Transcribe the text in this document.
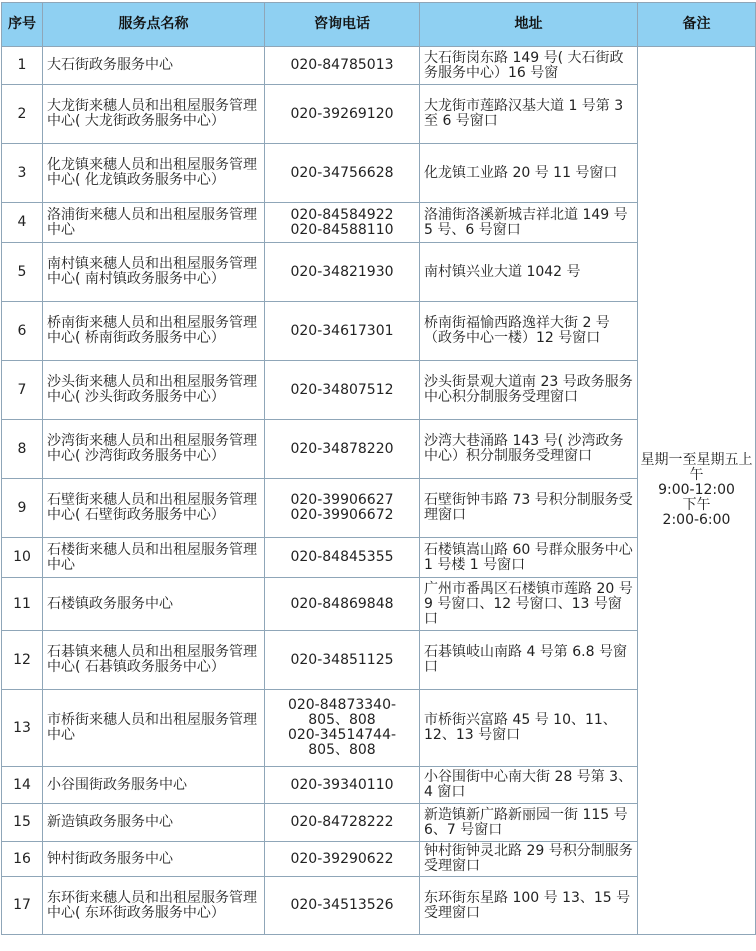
序号	服务点名称	咨询电话	地址	备注
1	大石街政务服务中心	020-84785013	大石街岗东路 149 号( 大石街政务服务中心）16 号窗	星期一至星期五上午
9:00-12:00
下午
2:00-6:00

2	大龙街来穗人员和出租屋服务管理中心( 大龙街政务服务中心）	020-39269120	大龙街市莲路汉基大道 1 号第 3 至 6 号窗口	
3	化龙镇来穗人员和出租屋服务管理中心( 化龙镇政务服务中心）	020-34756628	化龙镇工业路 20 号 11 号窗口	
4	洛浦街来穗人员和出租屋服务管理中心	020-84584922
020-84588110	洛浦街洛溪新城吉祥北道 149 号 5 号、6 号窗口	
5	南村镇来穗人员和出租屋服务管理中心( 南村镇政务服务中心）	020-34821930	南村镇兴业大道 1042 号	
6	桥南街来穗人员和出租屋服务管理中心( 桥南街政务服务中心）	020-34617301	桥南街福愉西路逸祥大街 2 号（政务中心一楼）12 号窗口	
7	沙头街来穗人员和出租屋服务管理中心( 沙头街政务服务中心）	020-34807512	沙头街景观大道南 23 号政务服务中心积分制服务受理窗口	
8	沙湾街来穗人员和出租屋服务管理中心( 沙湾街政务服务中心）	020-34878220	沙湾大巷涌路 143 号( 沙湾政务中心）积分制服务受理窗口	
9	石壁街来穗人员和出租屋服务管理中心( 石壁街政务服务中心）	020-39906627
020-39906672	石壁街钟韦路 73 号积分制服务受理窗口	
10	石楼街来穗人员和出租屋服务管理中心	020-84845355	石楼镇嵩山路 60 号群众服务中心 1 号楼 1 号窗口	
11	石楼镇政务服务中心	020-84869848	广州市番禺区石楼镇市莲路 20 号 9 号窗口、12 号窗口、13 号窗口	
12	石碁镇来穗人员和出租屋服务管理中心( 石碁镇政务服务中心）	020-34851125	石碁镇岐山南路 4 号第 6.8 号窗口	
13	市桥街来穗人员和出租屋服务管理中心	020-84873340-
805、808
020-34514744-
805、808	市桥街兴富路 45 号 10、11、12、13 号窗口	
14	小谷围街政务服务中心	020-39340110	小谷围街中心南大街 28 号第 3、4 窗口	
15	新造镇政务服务中心	020-84728222	新造镇新广路新丽园一街 115 号 6、7 号窗口	
16	钟村街政务服务中心	020-39290622	钟村街钟灵北路 29 号积分制服务受理窗口	
17	东环街来穗人员和出租屋服务管理中心( 东环街政务服务中心）	020-34513526	东环街东星路 100 号 13、15 号受理窗口	
